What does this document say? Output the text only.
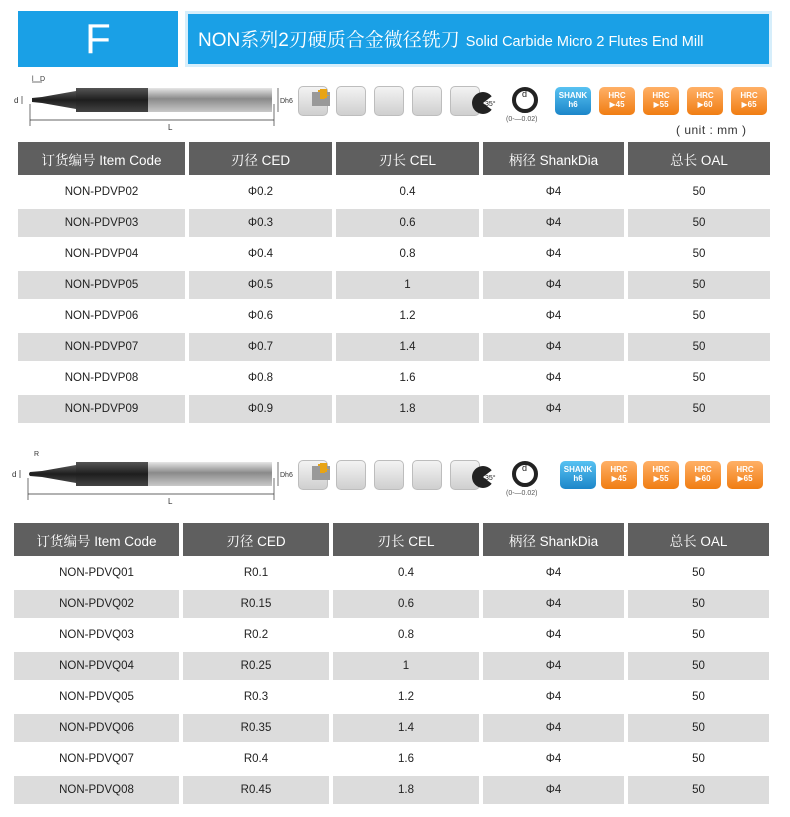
F	NON系列2刃硬质合金微径铣刀 Solid Carbide Micro 2 Flutes End Mill
d
l D
L
Dh6	35°
d
(0-—0.02)
SHANK
h6
HRC
▶45
HRC
▶55
HRC
▶60
HRC
▶65
( unit : mm )
订货编号 Item Code	刃径 CED	刃长 CEL	柄径 ShankDia	总长 OAL
NON-PDVP02	Φ0.2	0.4	Φ4	50
NON-PDVP03	Φ0.3	0.6	Φ4	50
NON-PDVP04	Φ0.4	0.8	Φ4	50
NON-PDVP05	Φ0.5	1	Φ4	50
NON-PDVP06	Φ0.6	1.2	Φ4	50
NON-PDVP07	Φ0.7	1.4	Φ4	50
NON-PDVP08	Φ0.8	1.6	Φ4	50
NON-PDVP09	Φ0.9	1.8	Φ4	50
d
R
L
Dh6	35°
d
(0-—0.02)
SHANK
h6
HRC
▶45
HRC
▶55
HRC
▶60
HRC
▶65
订货编号 Item Code	刃径 CED	刃长 CEL	柄径 ShankDia	总长 OAL
NON-PDVQ01	R0.1	0.4	Φ4	50
NON-PDVQ02	R0.15	0.6	Φ4	50
NON-PDVQ03	R0.2	0.8	Φ4	50
NON-PDVQ04	R0.25	1	Φ4	50
NON-PDVQ05	R0.3	1.2	Φ4	50
NON-PDVQ06	R0.35	1.4	Φ4	50
NON-PDVQ07	R0.4	1.6	Φ4	50
NON-PDVQ08	R0.45	1.8	Φ4	50
